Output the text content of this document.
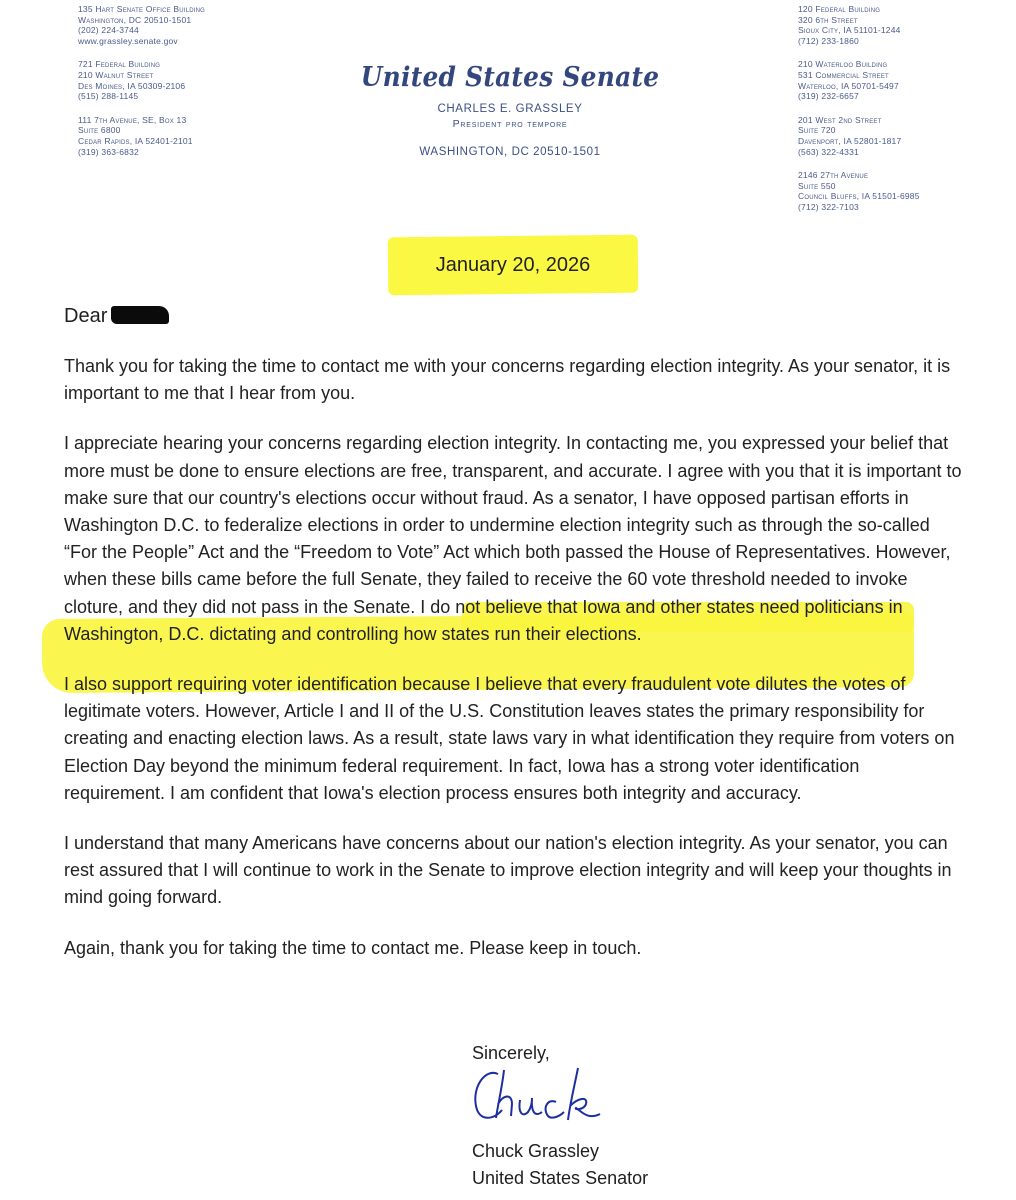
135 Hart Senate Office Building
Washington, DC 20510-1501
(202) 224-3744
www.grassley.senate.gov
721 Federal Building
210 Walnut Street
Des Moines, IA 50309-2106
(515) 288-1145
111 7th Avenue, SE, Box 13
Suite 6800
Cedar Rapids, IA 52401-2101
(319) 363-6832
United States Senate
CHARLES E. GRASSLEY
President pro tempore
WASHINGTON, DC 20510-1501
120 Federal Building
320 6th Street
Sioux City, IA 51101-1244
(712) 233-1860
210 Waterloo Building
531 Commercial Street
Waterloo, IA 50701-5497
(319) 232-6657
201 West 2nd Street
Suite 720
Davenport, IA 52801-1817
(563) 322-4331
2146 27th Avenue
Suite 550
Council Bluffs, IA 51501-6985
(712) 322-7103
January 20, 2026
Dear

Thank you for taking the time to contact me with your concerns regarding election integrity. As your senator, it is important to me that I hear from you.

I appreciate hearing your concerns regarding election integrity. In contacting me, you expressed your belief that more must be done to ensure elections are free, transparent, and accurate. I agree with you that it is important to make sure that our country's elections occur without fraud. As a senator, I have opposed partisan efforts in Washington D.C. to federalize elections in order to undermine election integrity such as through the so-called “For the People” Act and the “Freedom to Vote” Act which both passed the House of Representatives. However, when these bills came before the full Senate, they failed to receive the 60 vote threshold needed to invoke cloture, and they did not pass in the Senate. I do not believe that Iowa and other states need politicians in Washington, D.C. dictating and controlling how states run their elections.

I also support requiring voter identification because I believe that every fraudulent vote dilutes the votes of legitimate voters. However, Article I and II of the U.S. Constitution leaves states the primary responsibility for creating and enacting election laws. As a result, state laws vary in what identification they require from voters on Election Day beyond the minimum federal requirement. In fact, Iowa has a strong voter identification requirement. I am confident that Iowa's election process ensures both integrity and accuracy.

I understand that many Americans have concerns about our nation's election integrity. As your senator, you can rest assured that I will continue to work in the Senate to improve election integrity and will keep your thoughts in mind going forward.

Again, thank you for taking the time to contact me. Please keep in touch.

Sincerely,
Chuck Grassley
United States Senator
